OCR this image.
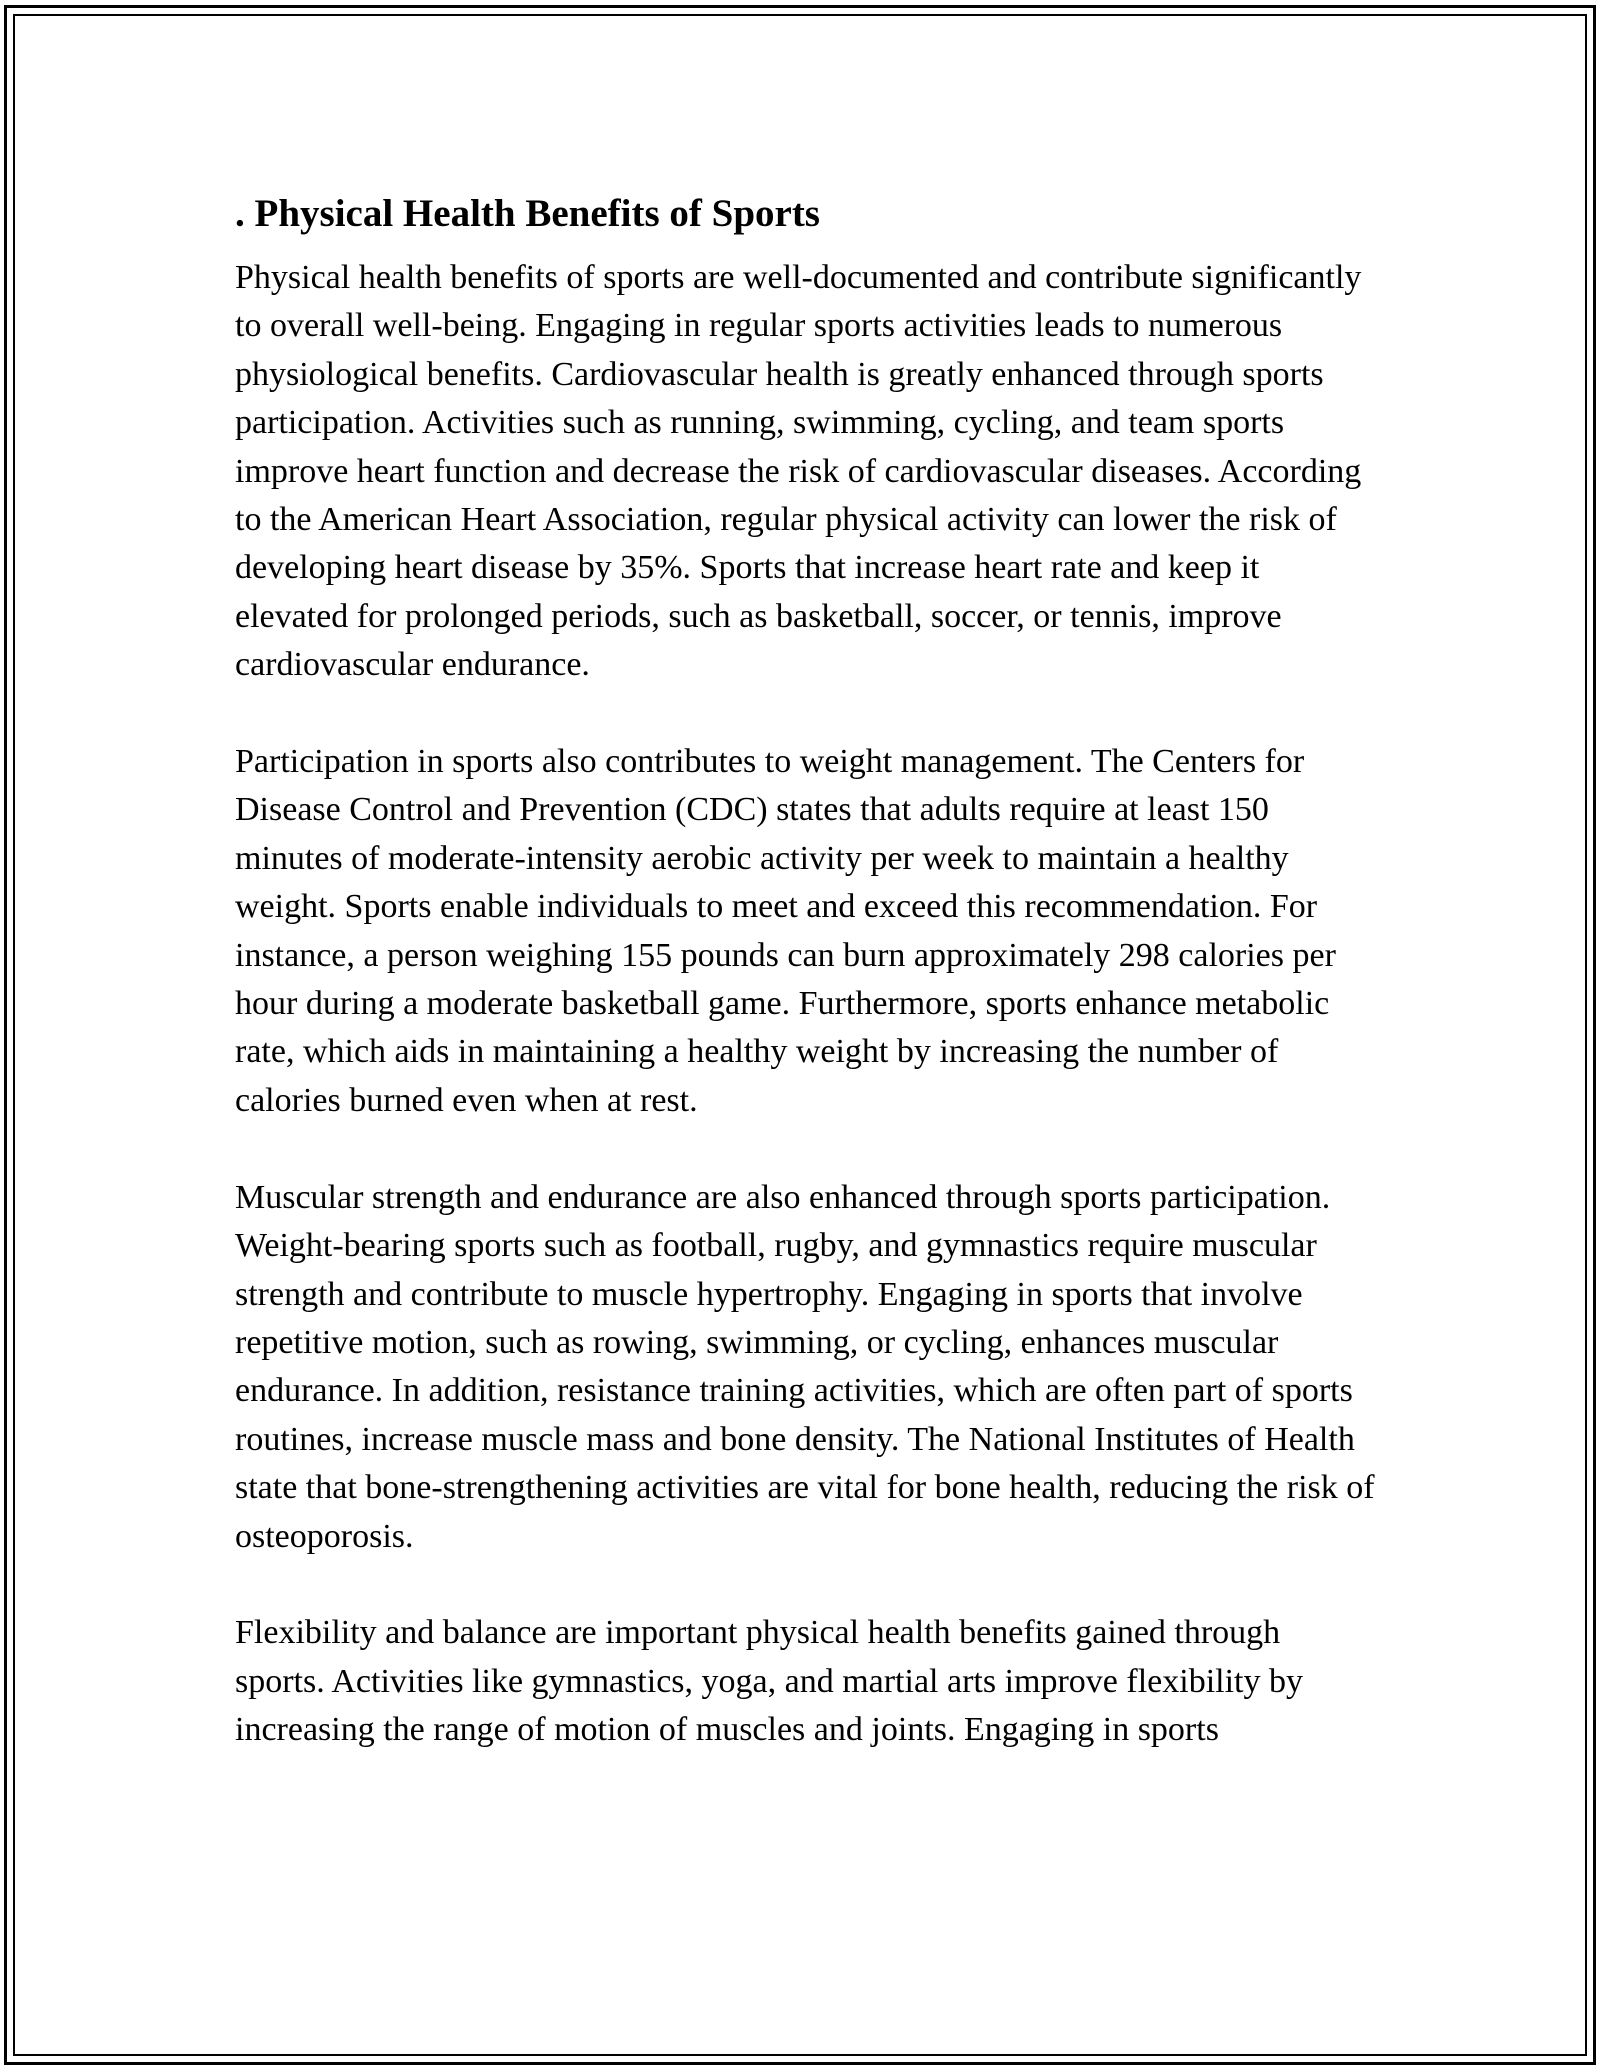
. Physical Health Benefits of Sports

Physical health benefits of sports are well-documented and contribute significantly to overall well-being. Engaging in regular sports activities leads to numerous physiological benefits. Cardiovascular health is greatly enhanced through sports participation. Activities such as running, swimming, cycling, and team sports improve heart function and decrease the risk of cardiovascular diseases. According to the American Heart Association, regular physical activity can lower the risk of developing heart disease by 35%. Sports that increase heart rate and keep it elevated for prolonged periods, such as basketball, soccer, or tennis, improve cardiovascular endurance.

Participation in sports also contributes to weight management. The Centers for Disease Control and Prevention (CDC) states that adults require at least 150 minutes of moderate-intensity aerobic activity per week to maintain a healthy weight. Sports enable individuals to meet and exceed this recommendation. For instance, a person weighing 155 pounds can burn approximately 298 calories per hour during a moderate basketball game. Furthermore, sports enhance metabolic rate, which aids in maintaining a healthy weight by increasing the number of calories burned even when at rest.

Muscular strength and endurance are also enhanced through sports participation. Weight-bearing sports such as football, rugby, and gymnastics require muscular strength and contribute to muscle hypertrophy. Engaging in sports that involve repetitive motion, such as rowing, swimming, or cycling, enhances muscular endurance. In addition, resistance training activities, which are often part of sports routines, increase muscle mass and bone density. The National Institutes of Health state that bone-strengthening activities are vital for bone health, reducing the risk of osteoporosis.

Flexibility and balance are important physical health benefits gained through sports. Activities like gymnastics, yoga, and martial arts improve flexibility by increasing the range of motion of muscles and joints. Engaging in sports
